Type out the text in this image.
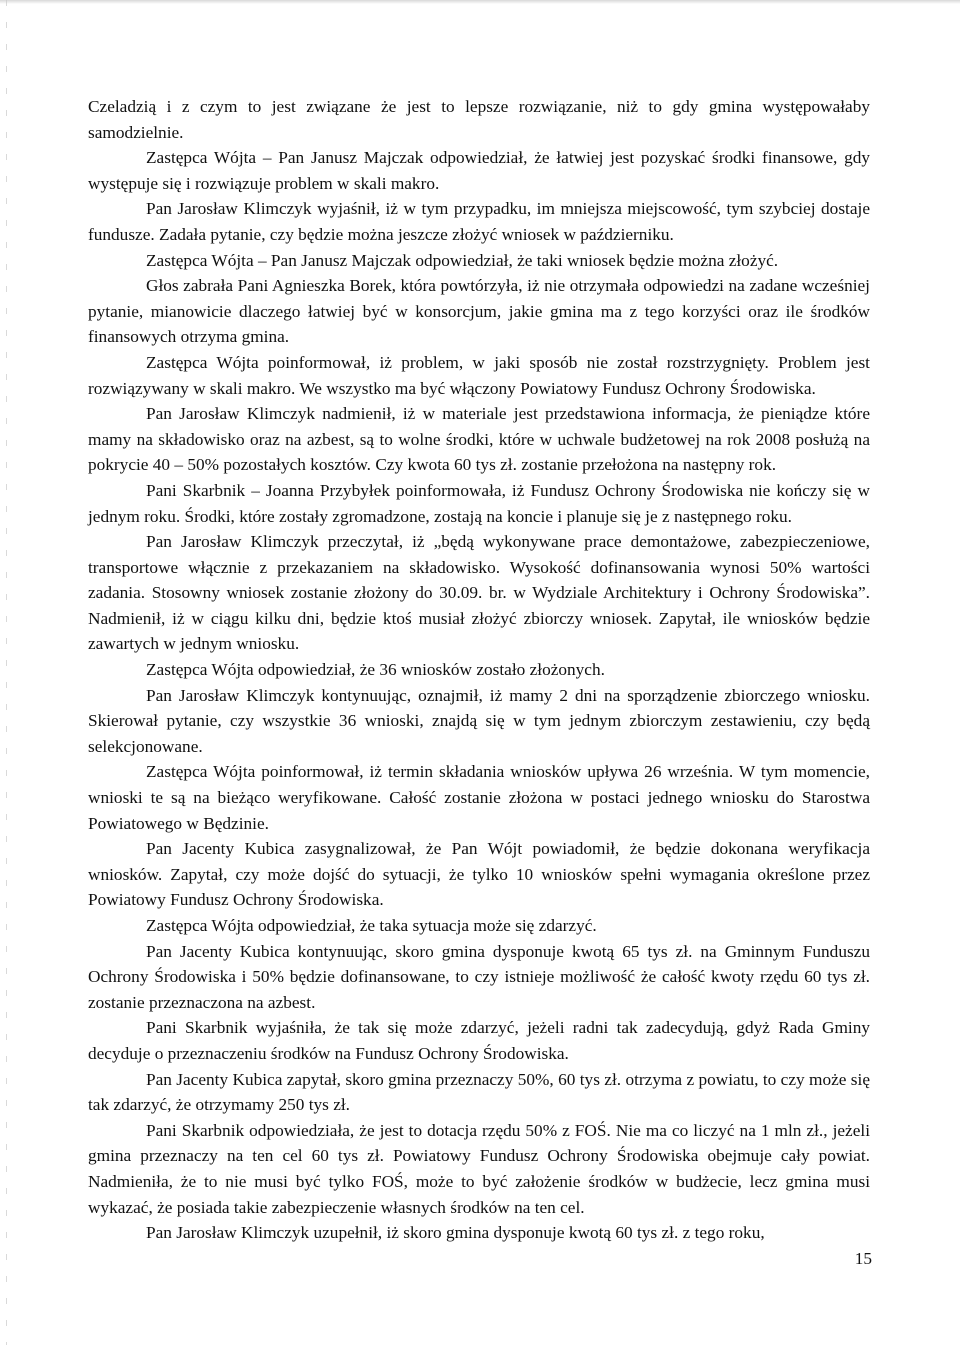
Czeladzią i z czym to jest związane że jest to lepsze rozwiązanie, niż to gdy gmina występowałaby samodzielnie.

Zastępca Wójta – Pan Janusz Majczak odpowiedział, że łatwiej jest pozyskać środki finansowe, gdy występuje się i rozwiązuje problem w skali makro.

Pan Jarosław Klimczyk wyjaśnił, iż w tym przypadku, im mniejsza miejscowość, tym szybciej dostaje fundusze. Zadała pytanie, czy będzie można jeszcze złożyć wniosek w październiku.

Zastępca Wójta – Pan Janusz Majczak odpowiedział, że taki wniosek będzie można złożyć.

Głos zabrała Pani Agnieszka Borek, która powtórzyła, iż nie otrzymała odpowiedzi na zadane wcześniej pytanie, mianowicie dlaczego łatwiej być w konsorcjum, jakie gmina ma z tego korzyści oraz ile środków finansowych otrzyma gmina.

Zastępca Wójta poinformował, iż problem, w jaki sposób nie został rozstrzygnięty. Problem jest rozwiązywany w skali makro. We wszystko ma być włączony Powiatowy Fundusz Ochrony Środowiska.

Pan Jarosław Klimczyk nadmienił, iż w materiale jest przedstawiona informacja, że pieniądze które mamy na składowisko oraz na azbest, są to wolne środki, które w uchwale budżetowej na rok 2008 posłużą na pokrycie 40 – 50% pozostałych kosztów. Czy kwota 60 tys zł. zostanie przełożona na następny rok.

Pani Skarbnik – Joanna Przybyłek poinformowała, iż Fundusz Ochrony Środowiska nie kończy się w jednym roku. Środki, które zostały zgromadzone, zostają na koncie i planuje się je z następnego roku.

Pan Jarosław Klimczyk przeczytał, iż „będą wykonywane prace demontażowe, zabezpieczeniowe, transportowe włącznie z przekazaniem na składowisko. Wysokość dofinansowania wynosi 50% wartości zadania. Stosowny wniosek zostanie złożony do 30.09. br. w Wydziale Architektury i Ochrony Środowiska”. Nadmienił, iż w ciągu kilku dni, będzie ktoś musiał złożyć zbiorczy wniosek. Zapytał, ile wniosków będzie zawartych w jednym wniosku.

Zastępca Wójta odpowiedział, że 36 wniosków zostało złożonych.

Pan Jarosław Klimczyk kontynuując, oznajmił, iż mamy 2 dni na sporządzenie zbiorczego wniosku. Skierował pytanie, czy wszystkie 36 wnioski, znajdą się w tym jednym zbiorczym zestawieniu, czy będą selekcjonowane.

Zastępca Wójta poinformował, iż termin składania wniosków upływa 26 września. W tym momencie, wnioski te są na bieżąco weryfikowane. Całość zostanie złożona w postaci jednego wniosku do Starostwa Powiatowego w Będzinie.

Pan Jacenty Kubica zasygnalizował, że Pan Wójt powiadomił, że będzie dokonana weryfikacja wniosków. Zapytał, czy może dojść do sytuacji, że tylko 10 wniosków spełni wymagania określone przez Powiatowy Fundusz Ochrony Środowiska.

Zastępca Wójta odpowiedział, że taka sytuacja może się zdarzyć.

Pan Jacenty Kubica kontynuując, skoro gmina dysponuje kwotą 65 tys zł. na Gminnym Funduszu Ochrony Środowiska i 50% będzie dofinansowane, to czy istnieje możliwość że całość kwoty rzędu 60 tys zł. zostanie przeznaczona na azbest.

Pani Skarbnik wyjaśniła, że tak się może zdarzyć, jeżeli radni tak zadecydują, gdyż Rada Gminy decyduje o przeznaczeniu środków na Fundusz Ochrony Środowiska.

Pan Jacenty Kubica zapytał, skoro gmina przeznaczy 50%, 60 tys zł. otrzyma z powiatu, to czy może się tak zdarzyć, że otrzymamy 250 tys zł.

Pani Skarbnik odpowiedziała, że jest to dotacja rzędu 50% z FOŚ. Nie ma co liczyć na 1 mln zł., jeżeli gmina przeznaczy na ten cel 60 tys zł. Powiatowy Fundusz Ochrony Środowiska obejmuje cały powiat. Nadmieniła, że to nie musi być tylko FOŚ, może to być założenie środków w budżecie, lecz gmina musi wykazać, że posiada takie zabezpieczenie własnych środków na ten cel.

Pan Jarosław Klimczyk uzupełnił, iż skoro gmina dysponuje kwotą 60 tys zł. z tego roku,

15
